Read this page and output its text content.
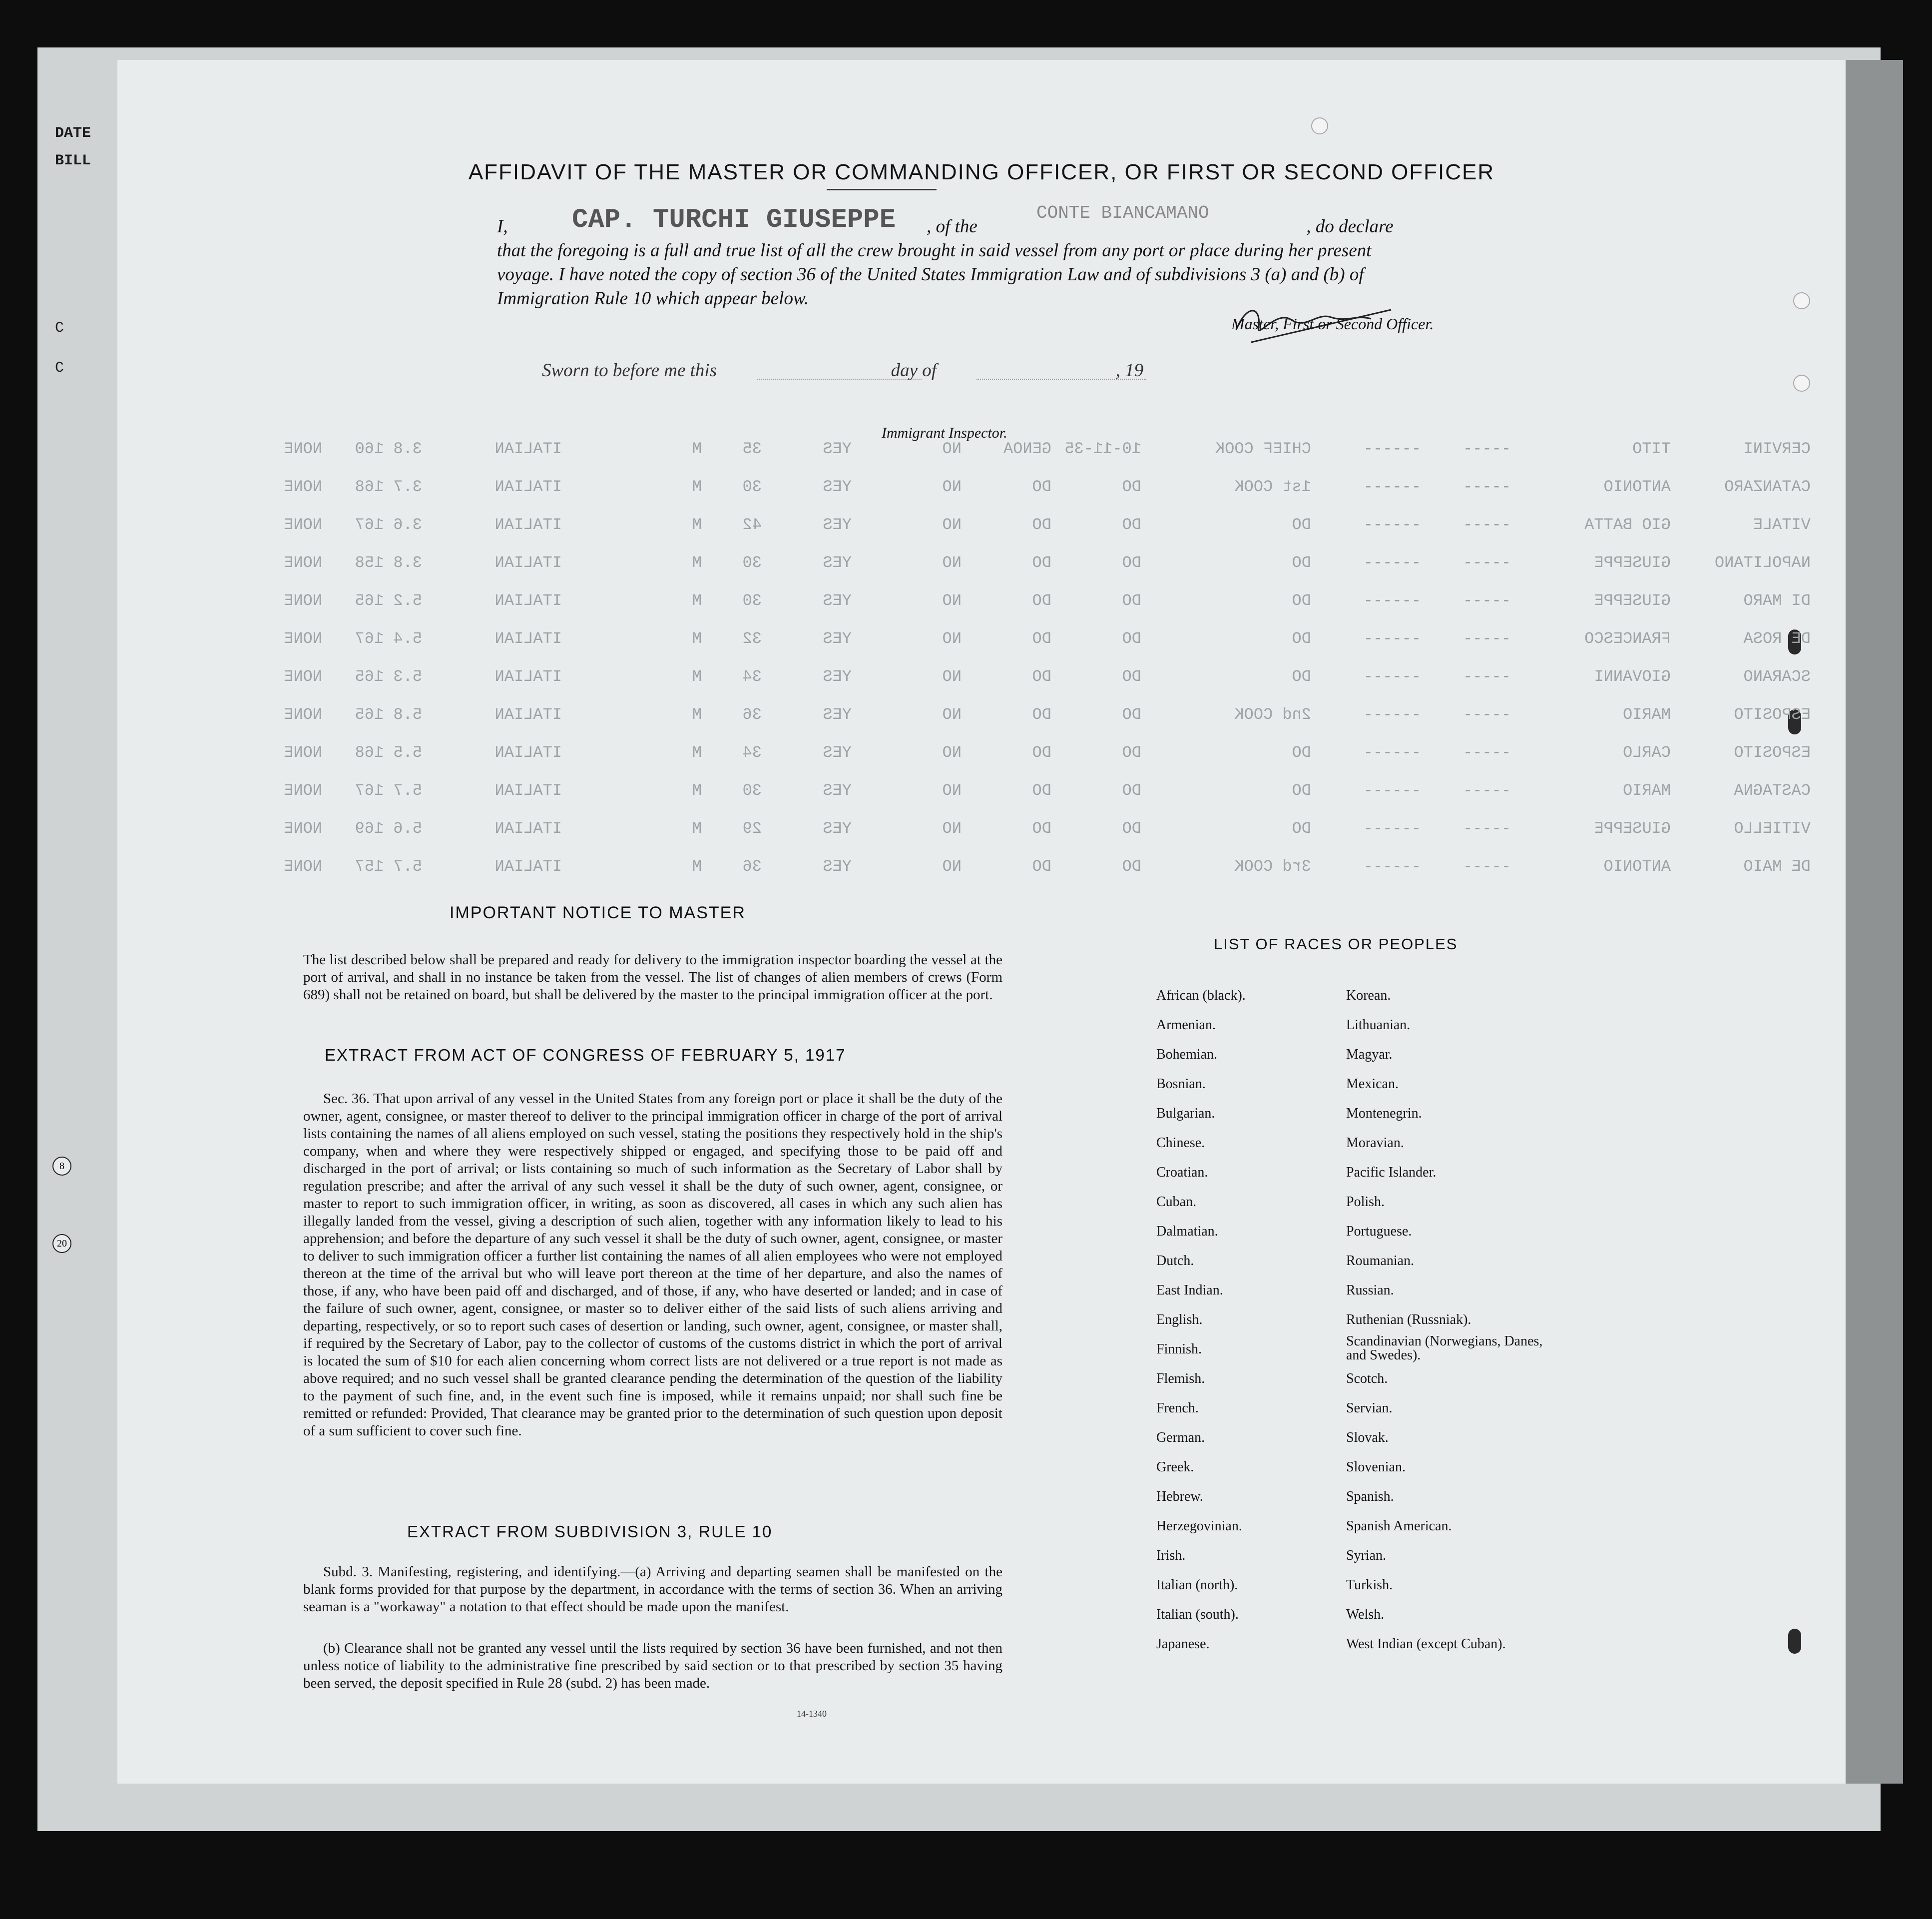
DATE
BILL
C
C
8
20
AFFIDAVIT OF THE MASTER OR COMMANDING OFFICER, OR FIRST OR SECOND OFFICER
I,	, of the	, do declare
that the foregoing is a full and true list of all the crew brought in said vessel from any port or place during her present
voyage. I have noted the copy of section 36 of the United States Immigration Law and of subdivisions 3 (a) and (b) of
Immigration Rule 10 which appear below.
CAP. TURCHI GIUSEPPE	CONTE BIANCAMANO
Master, First or Second Officer.
Sworn to before me this	day of	, 19
Immigrant Inspector.
NONE 3.8 160	ITALIAN	M	35	YES	NO	GENOA 10-11-35	CHIEF COOK	------	-----	TITO	CERVINI
NONE 3.7 168	ITALIAN	M	30	YES	NO	DO	DO	1st COOK	------	-----	ANTONIO	CATANZARO
NONE 3.6 167	ITALIAN	M	42	YES	NO	DO	DO	DO	------	-----	GIO BATTA	VITALE
NONE 3.8 158	ITALIAN	M	30	YES	NO	DO	DO	DO	------	-----	GIUSEPPE	NAPOLITANO
NONE 5.2 165	ITALIAN	M	30	YES	NO	DO	DO	DO	------	-----	GIUSEPPE	DI MARO
NONE 5.4 167	ITALIAN	M	32	YES	NO	DO	DO	DO	------	-----	FRANCESCO	DE ROSA
NONE 5.3 165	ITALIAN	M	34	YES	NO	DO	DO	DO	------	-----	GIOVANNI	SCARANO
NONE 5.8 165	ITALIAN	M	36	YES	NO	DO	DO	2nd COOK	------	-----	MARIO	ESPOSITO
NONE 5.5 168	ITALIAN	M	34	YES	NO	DO	DO	DO	------	-----	CARLO	ESPOSITO
NONE 5.7 167	ITALIAN	M	30	YES	NO	DO	DO	DO	------	-----	MARIO	CASTAGNA
NONE 5.6 169	ITALIAN	M	29	YES	NO	DO	DO	DO	------	-----	GIUSEPPE	VITIELLO
NONE 5.7 157	ITALIAN	M	36	YES	NO	DO	DO	3rd COOK	------	-----	ANTONIO	DE MAIO
IMPORTANT NOTICE TO MASTER
The list described below shall be prepared and ready for delivery to the immigration inspector boarding the vessel at the port of arrival, and shall in no instance be taken from the vessel. The list of changes of alien members of crews (Form 689) shall not be retained on board, but shall be delivered by the master to the principal immigration officer at the port.
EXTRACT FROM ACT OF CONGRESS OF FEBRUARY 5, 1917
Sec. 36. That upon arrival of any vessel in the United States from any foreign port or place it shall be the duty of the owner, agent, consignee, or master thereof to deliver to the principal immigration officer in charge of the port of arrival lists containing the names of all aliens employed on such vessel, stating the positions they respectively hold in the ship's company, when and where they were respectively shipped or engaged, and specifying those to be paid off and discharged in the port of arrival; or lists containing so much of such information as the Secretary of Labor shall by regulation prescribe; and after the arrival of any such vessel it shall be the duty of such owner, agent, consignee, or master to report to such immigration officer, in writing, as soon as discovered, all cases in which any such alien has illegally landed from the vessel, giving a description of such alien, together with any information likely to lead to his apprehension; and before the departure of any such vessel it shall be the duty of such owner, agent, consignee, or master to deliver to such immigration officer a further list containing the names of all alien employees who were not employed thereon at the time of the arrival but who will leave port thereon at the time of her departure, and also the names of those, if any, who have been paid off and discharged, and of those, if any, who have deserted or landed; and in case of the failure of such owner, agent, consignee, or master so to deliver either of the said lists of such aliens arriving and departing, respectively, or so to report such cases of desertion or landing, such owner, agent, consignee, or master shall, if required by the Secretary of Labor, pay to the collector of customs of the customs district in which the port of arrival is located the sum of $10 for each alien concerning whom correct lists are not delivered or a true report is not made as above required; and no such vessel shall be granted clearance pending the determination of the question of the liability to the payment of such fine, and, in the event such fine is imposed, while it remains unpaid; nor shall such fine be remitted or refunded: Provided, That clearance may be granted prior to the determination of such question upon deposit of a sum sufficient to cover such fine.
EXTRACT FROM SUBDIVISION 3, RULE 10
Subd. 3. Manifesting, registering, and identifying.—(a) Arriving and departing seamen shall be manifested on the blank forms provided for that purpose by the department, in accordance with the terms of section 36. When an arriving seaman is a "workaway" a notation to that effect should be made upon the manifest.
(b) Clearance shall not be granted any vessel until the lists required by section 36 have been furnished, and not then unless notice of liability to the administrative fine prescribed by said section or to that prescribed by section 35 having been served, the deposit specified in Rule 28 (subd. 2) has been made.
LIST OF RACES OR PEOPLES
African (black).
Armenian.
Bohemian.
Bosnian.
Bulgarian.
Chinese.
Croatian.
Cuban.
Dalmatian.
Dutch.
East Indian.
English.
Finnish.
Flemish.
French.
German.
Greek.
Hebrew.
Herzegovinian.
Irish.
Italian (north).
Italian (south).
Japanese.
Korean.
Lithuanian.
Magyar.
Mexican.
Montenegrin.
Moravian.
Pacific Islander.
Polish.
Portuguese.
Roumanian.
Russian.
Ruthenian (Russniak).
Scandinavian (Norwegians, Danes, and Swedes).
Scotch.
Servian.
Slovak.
Slovenian.
Spanish.
Spanish American.
Syrian.
Turkish.
Welsh.
West Indian (except Cuban).
14-1340
